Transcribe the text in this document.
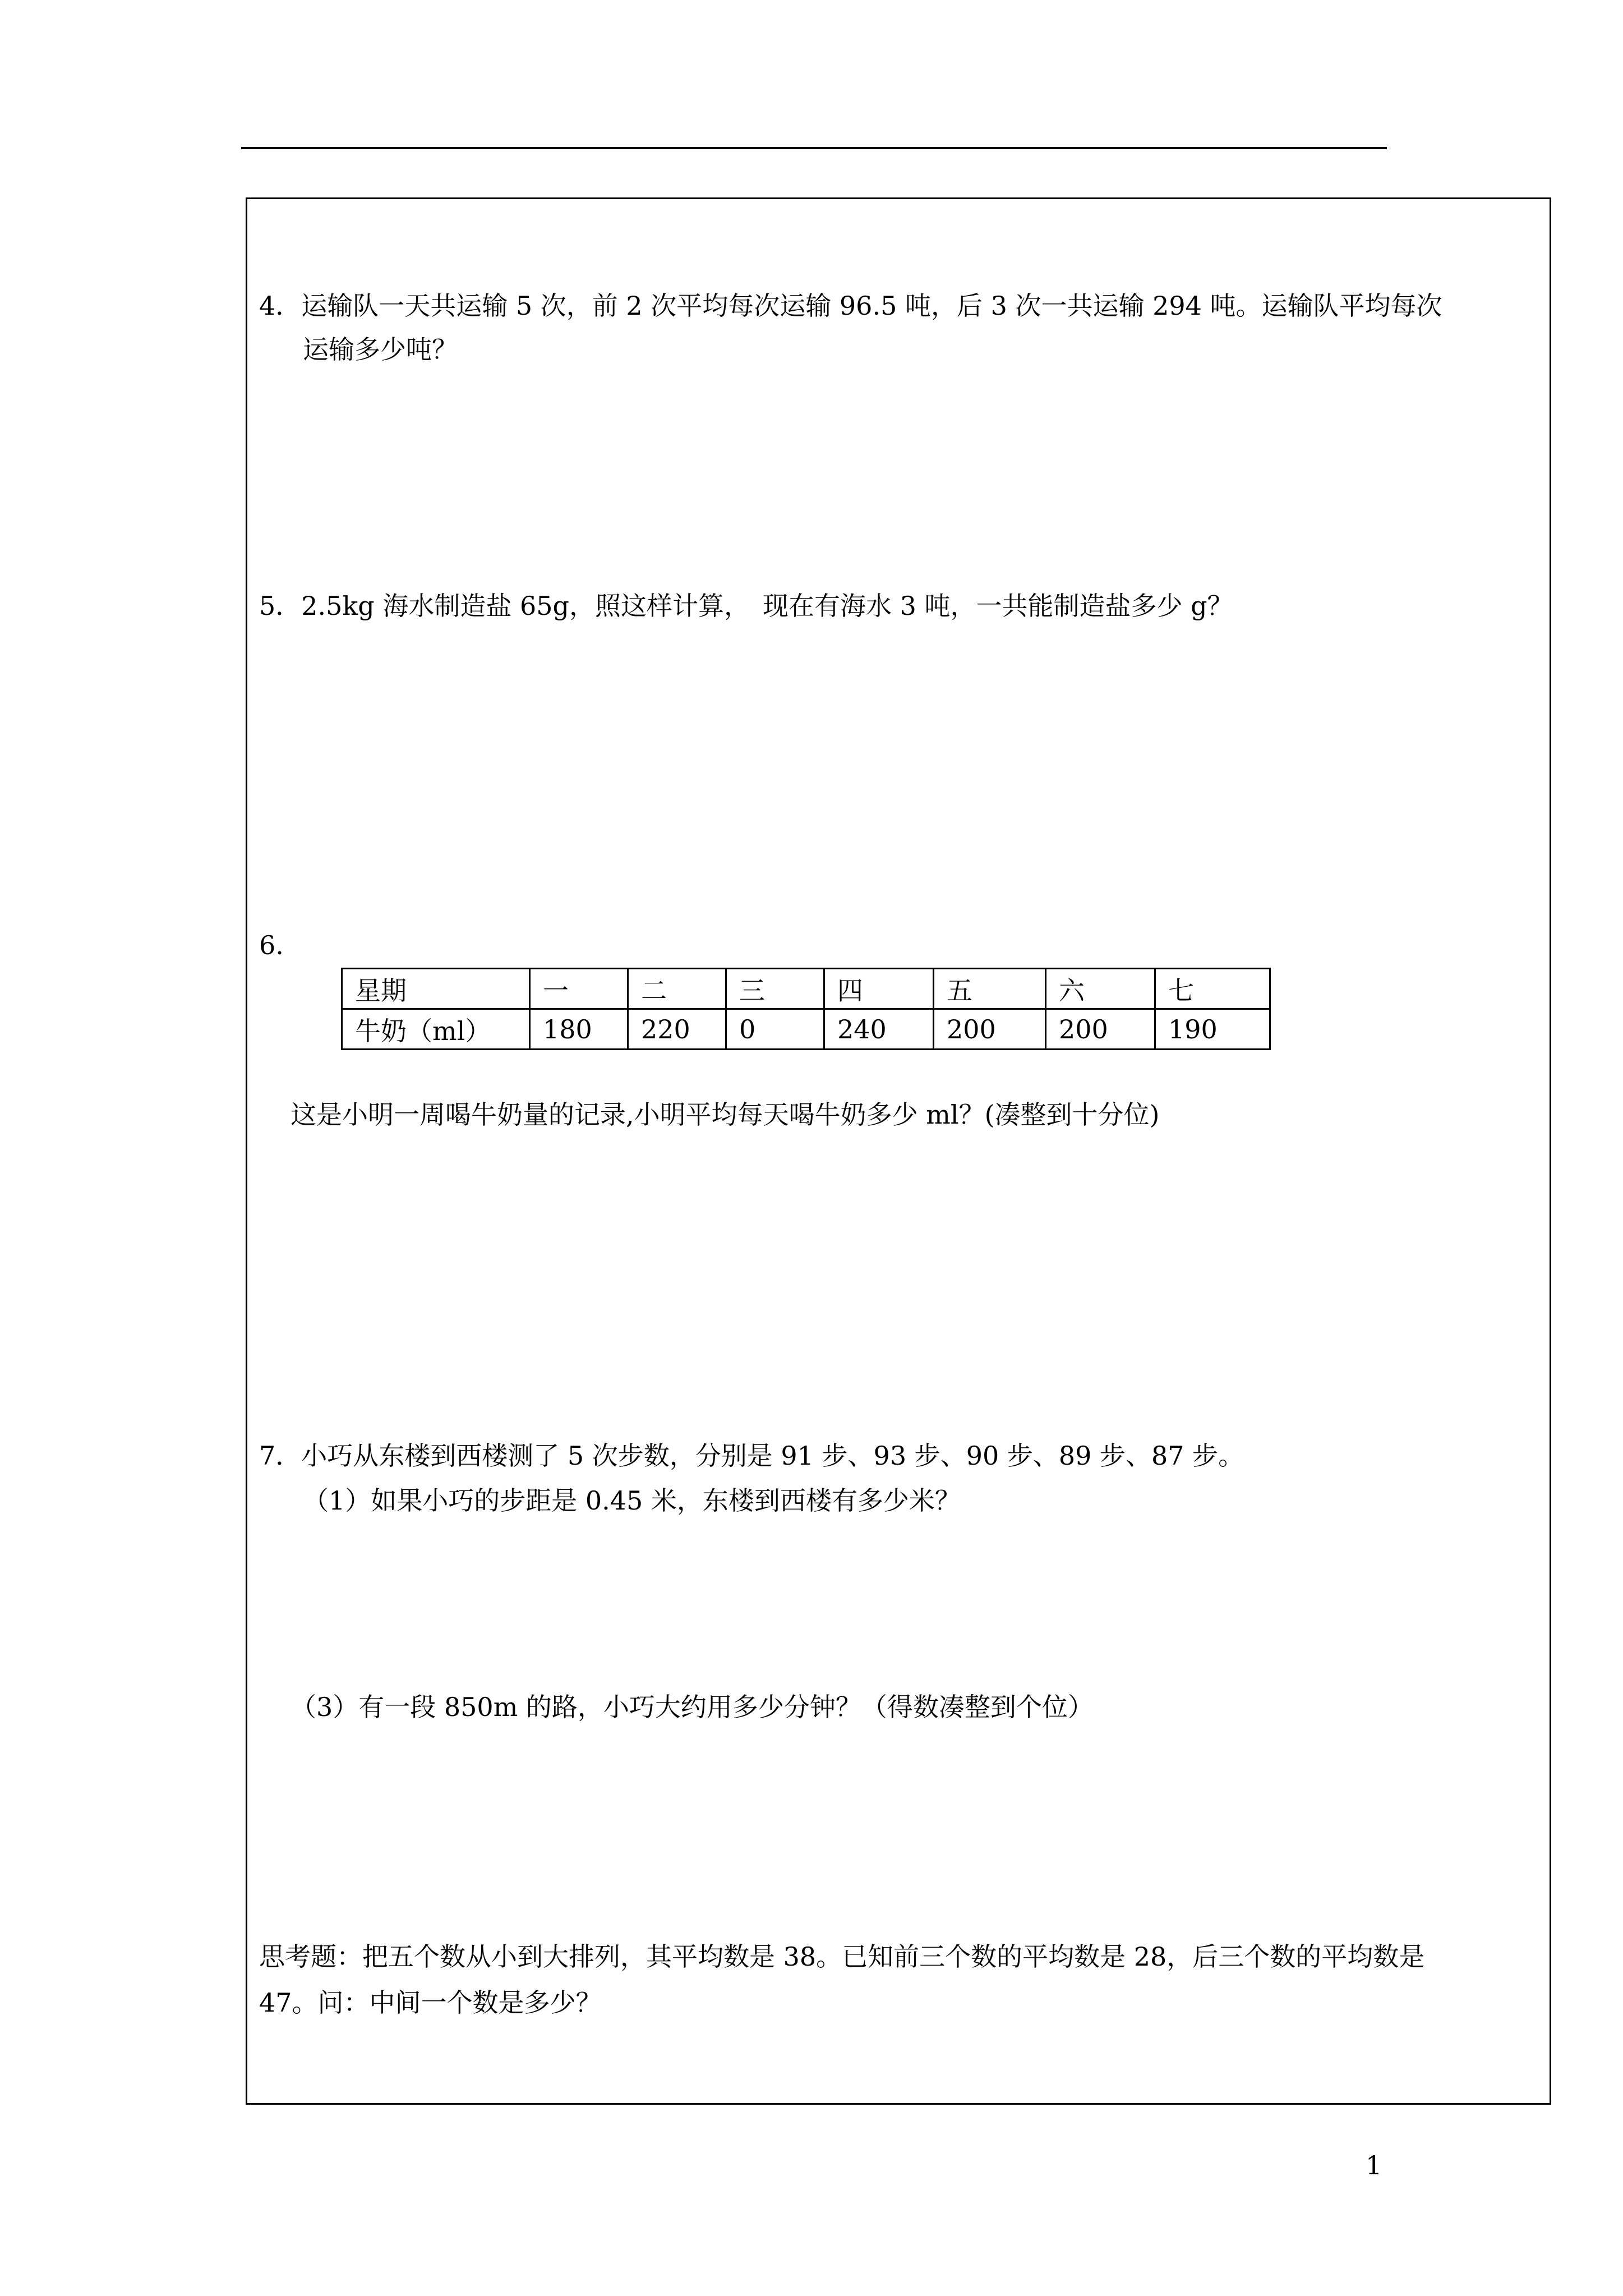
4．运输队一天共运输 5 次，前 2 次平均每次运输 96.5 吨，后 3 次一共运输 294 吨。运输队平均每次
运输多少吨？
5．2.5kg 海水制造盐 65g，照这样计算，　现在有海水 3 吨，一共能制造盐多少 g？
6.
星期	一	二	三	四	五	六	七
牛奶（ml）	180	220	0	240	200	200	190
这是小明一周喝牛奶量的记录,小明平均每天喝牛奶多少 ml？(凑整到十分位)
7．小巧从东楼到西楼测了 5 次步数，分别是 91 步、93 步、90 步、89 步、87 步。
（1）如果小巧的步距是 0.45 米，东楼到西楼有多少米？
（3）有一段 850m 的路，小巧大约用多少分钟？（得数凑整到个位）
思考题：把五个数从小到大排列，其平均数是 38。已知前三个数的平均数是 28，后三个数的平均数是
47。问：中间一个数是多少？
1
